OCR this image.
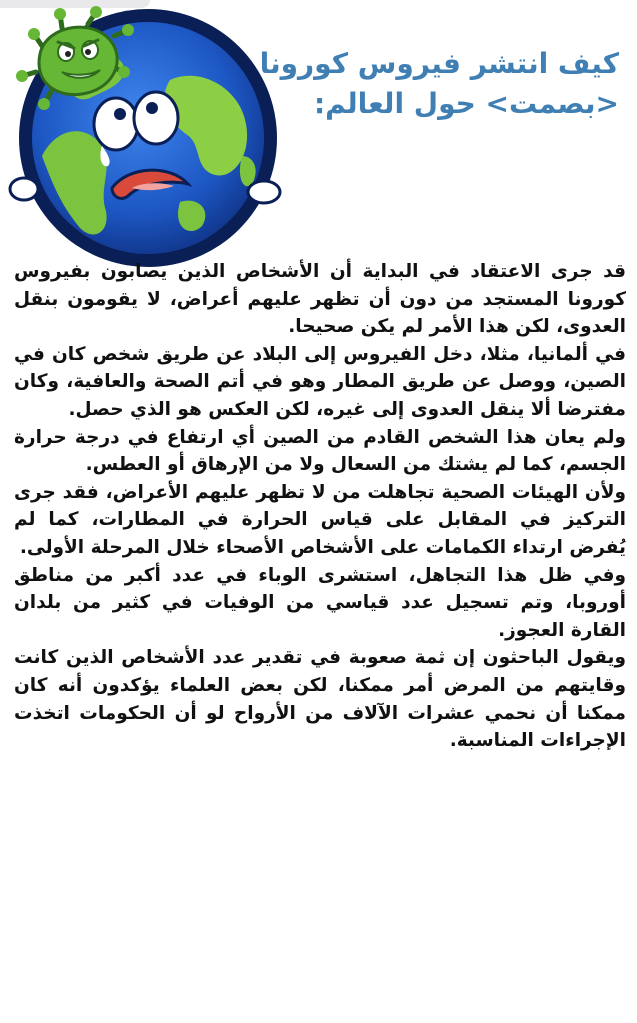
كيف انتشر فيروس كورونا
<بصمت> حول العالم:

قد جرى الاعتقاد في البداية أن الأشخاص الذين يصابون بفيروس كورونا المستجد من دون أن تظهر عليهم أعراض، لا يقومون بنقل العدوى، لكن هذا الأمر لم يكن صحيحا.

في ألمانيا، مثلا، دخل الفيروس إلى البلاد عن طريق شخص كان في الصين، ووصل عن طريق المطار وهو في أتم الصحة والعافية، وكان مفترضا ألا ينقل العدوى إلى غيره، لكن العكس هو الذي حصل.

ولم يعان هذا الشخص القادم من الصين أي ارتفاع في درجة حرارة الجسم، كما لم يشتك من السعال ولا من الإرهاق أو العطس.

ولأن الهيئات الصحية تجاهلت من لا تظهر عليهم الأعراض، فقد جرى التركيز في المقابل على قياس الحرارة في المطارات، كما لم يُفرض ارتداء الكمامات على الأشخاص الأصحاء خلال المرحلة الأولى.

وفي ظل هذا التجاهل، استشرى الوباء في عدد أكبر من مناطق أوروبا، وتم تسجيل عدد قياسي من الوفيات في كثير من بلدان القارة العجوز.

ويقول الباحثون إن ثمة صعوبة في تقدير عدد الأشخاص الذين كانت وقايتهم من المرض أمر ممكنا، لكن بعض العلماء يؤكدون أنه كان ممكنا أن نحمي عشرات الآلاف من الأرواح لو أن الحكومات اتخذت الإجراءات المناسبة.
